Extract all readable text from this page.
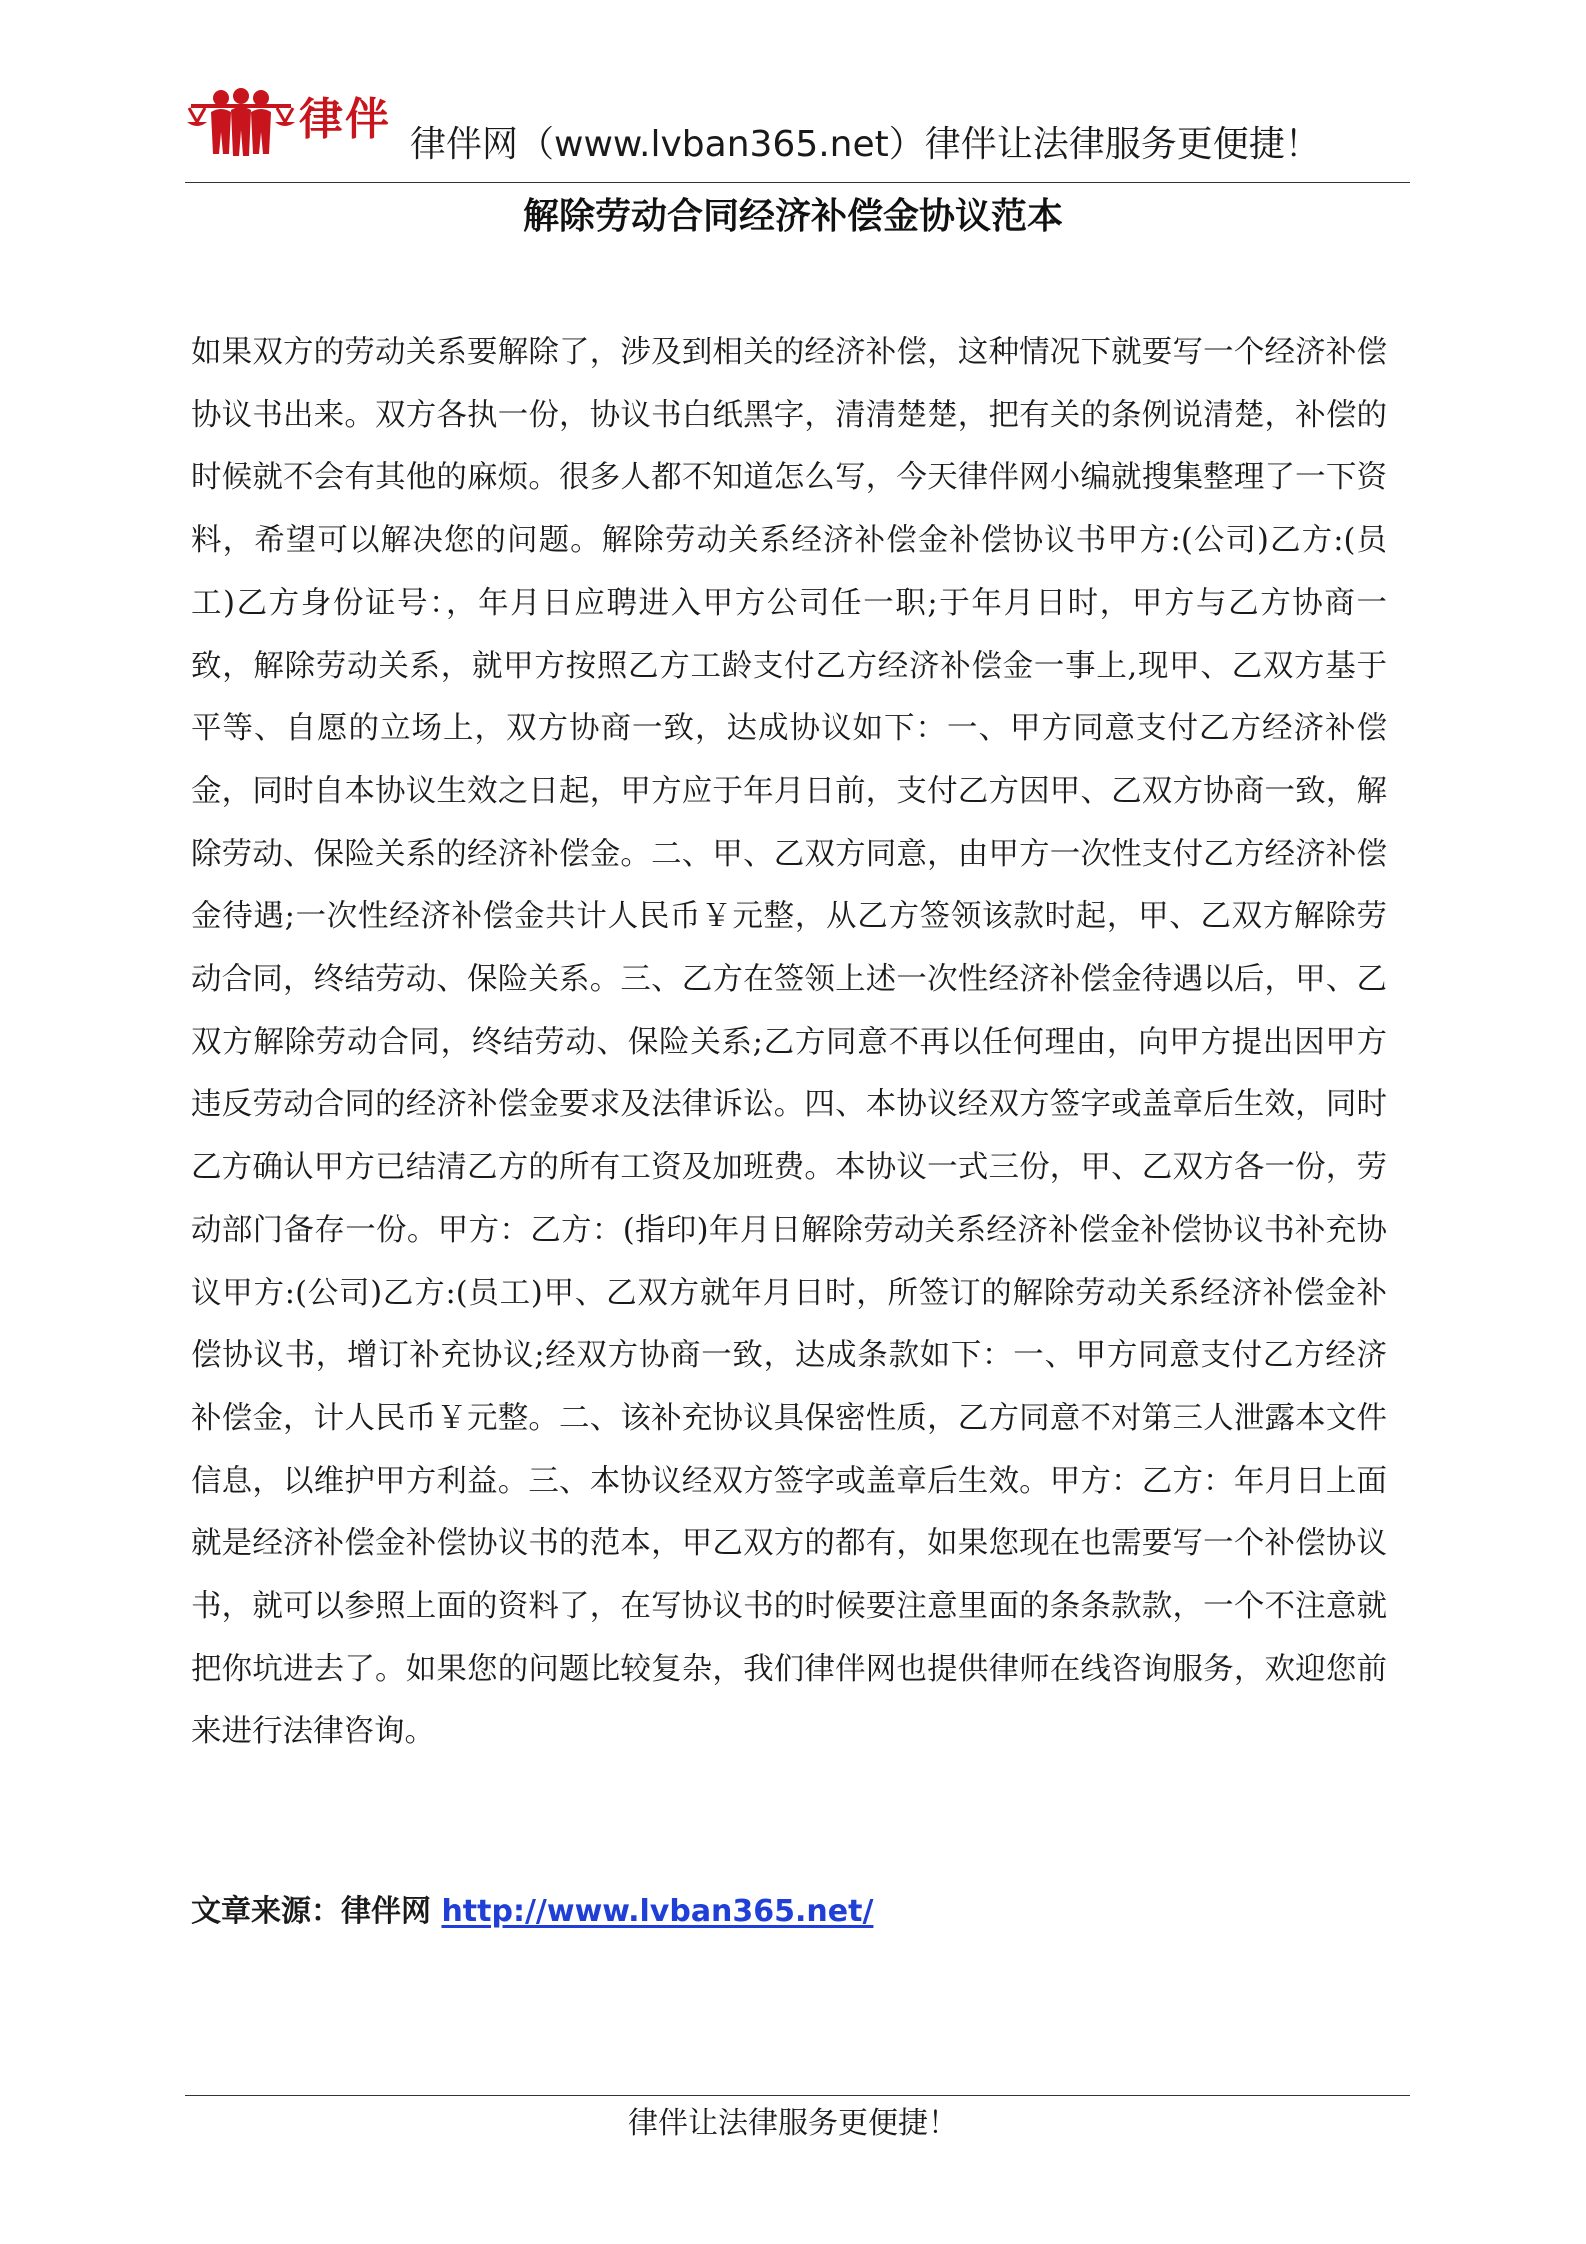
律伴 律伴网（www.lvban365.net）律伴让法律服务更便捷！
解除劳动合同经济补偿金协议范本

如果双方的劳动关系要解除了，涉及到相关的经济补偿，这种情况下就要写一个经济补偿协议书出来。双方各执一份，协议书白纸黑字，清清楚楚，把有关的条例说清楚，补偿的时候就不会有其他的麻烦。很多人都不知道怎么写，今天律伴网小编就搜集整理了一下资料，希望可以解决您的问题。解除劳动关系经济补偿金补偿协议书甲方:(公司)乙方:(员工)乙方身份证号：，年月日应聘进入甲方公司任一职;于年月日时，甲方与乙方协商一致，解除劳动关系，就甲方按照乙方工龄支付乙方经济补偿金一事上,现甲、乙双方基于平等、自愿的立场上，双方协商一致，达成协议如下：一、甲方同意支付乙方经济补偿金，同时自本协议生效之日起，甲方应于年月日前，支付乙方因甲、乙双方协商一致，解除劳动、保险关系的经济补偿金。二、甲、乙双方同意，由甲方一次性支付乙方经济补偿金待遇;一次性经济补偿金共计人民币￥元整，从乙方签领该款时起，甲、乙双方解除劳动合同，终结劳动、保险关系。三、乙方在签领上述一次性经济补偿金待遇以后，甲、乙双方解除劳动合同，终结劳动、保险关系;乙方同意不再以任何理由，向甲方提出因甲方违反劳动合同的经济补偿金要求及法律诉讼。四、本协议经双方签字或盖章后生效，同时乙方确认甲方已结清乙方的所有工资及加班费。本协议一式三份，甲、乙双方各一份，劳动部门备存一份。甲方：乙方：(指印)年月日解除劳动关系经济补偿金补偿协议书补充协议甲方:(公司)乙方:(员工)甲、乙双方就年月日时，所签订的解除劳动关系经济补偿金补偿协议书，增订补充协议;经双方协商一致，达成条款如下：一、甲方同意支付乙方经济补偿金，计人民币￥元整。二、该补充协议具保密性质，乙方同意不对第三人泄露本文件信息，以维护甲方利益。三、本协议经双方签字或盖章后生效。甲方：乙方：年月日上面就是经济补偿金补偿协议书的范本，甲乙双方的都有，如果您现在也需要写一个补偿协议书，就可以参照上面的资料了，在写协议书的时候要注意里面的条条款款，一个不注意就把你坑进去了。如果您的问题比较复杂，我们律伴网也提供律师在线咨询服务，欢迎您前来进行法律咨询。

文章来源：律伴网 http://www.lvban365.net/
律伴让法律服务更便捷！
